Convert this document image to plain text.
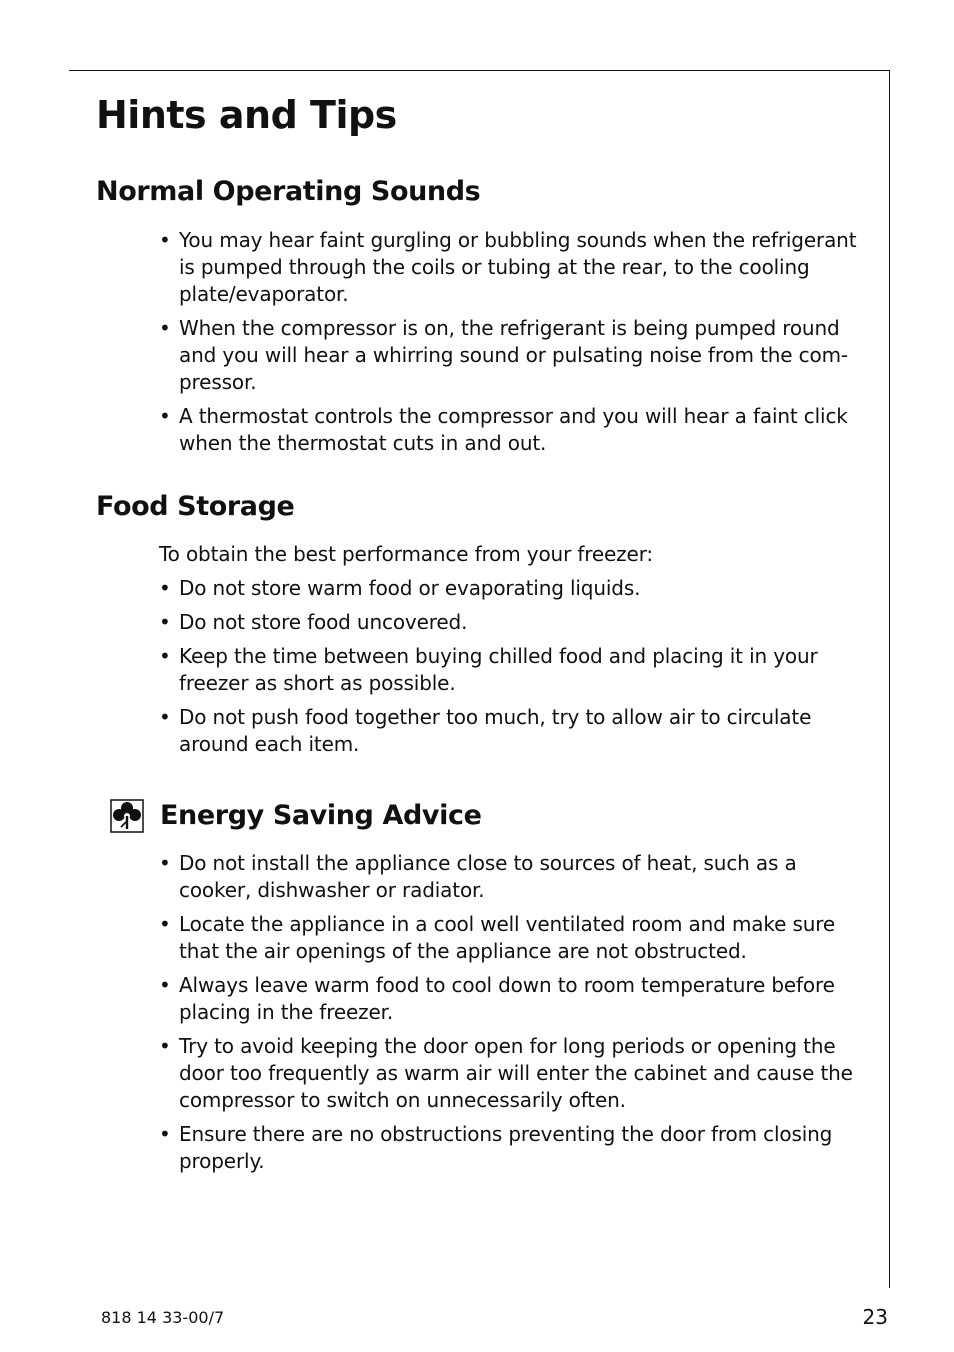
Hints and Tips
Normal Operating Sounds
• You may hear faint gurgling or bubbling sounds when the refrigerant is pumped through the coils or tubing at the rear, to the cooling plate/evaporator.
• When the compressor is on, the refrigerant is being pumped round and you will hear a whirring sound or pulsating noise from the com- pressor.
• A thermostat controls the compressor and you will hear a faint click when the thermostat cuts in and out.
Food Storage

To obtain the best performance from your freezer:

• Do not store warm food or evaporating liquids.
• Do not store food uncovered.
• Keep the time between buying chilled food and placing it in your freezer as short as possible.
• Do not push food together too much, try to allow air to circulate around each item.
Energy Saving Advice
• Do not install the appliance close to sources of heat, such as a cooker, dishwasher or radiator.
• Locate the appliance in a cool well ventilated room and make sure that the air openings of the appliance are not obstructed.
• Always leave warm food to cool down to room temperature before placing in the freezer.
• Try to avoid keeping the door open for long periods or opening the door too frequently as warm air will enter the cabinet and cause the compressor to switch on unnecessarily often.
• Ensure there are no obstructions preventing the door from closing properly.
818 14 33-00/7	23
